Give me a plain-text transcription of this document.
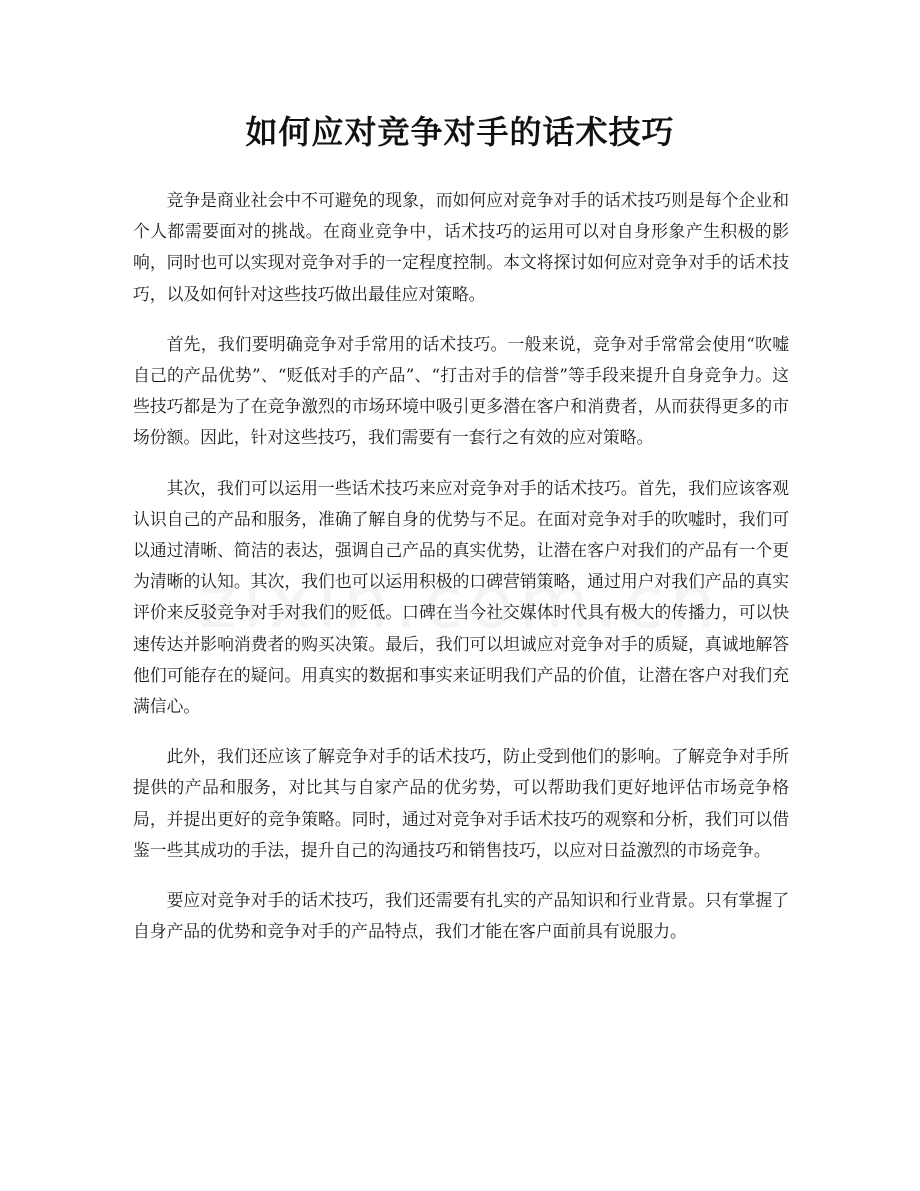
如何应对竞争对手的话术技巧

竞争是商业社会中不可避免的现象，而如何应对竞争对手的话术技巧则是每个企业和个人都需要面对的挑战。在商业竞争中，话术技巧的运用可以对自身形象产生积极的影响，同时也可以实现对竞争对手的一定程度控制。本文将探讨如何应对竞争对手的话术技巧，以及如何针对这些技巧做出最佳应对策略。

首先，我们要明确竞争对手常用的话术技巧。一般来说，竞争对手常常会使用“吹嘘自己的产品优势”、“贬低对手的产品”、“打击对手的信誉”等手段来提升自身竞争力。这些技巧都是为了在竞争激烈的市场环境中吸引更多潜在客户和消费者，从而获得更多的市场份额。因此，针对这些技巧，我们需要有一套行之有效的应对策略。

其次，我们可以运用一些话术技巧来应对竞争对手的话术技巧。首先，我们应该客观认识自己的产品和服务，准确了解自身的优势与不足。在面对竞争对手的吹嘘时，我们可以通过清晰、简洁的表达，强调自己产品的真实优势，让潜在客户对我们的产品有一个更为清晰的认知。其次，我们也可以运用积极的口碑营销策略，通过用户对我们产品的真实评价来反驳竞争对手对我们的贬低。口碑在当今社交媒体时代具有极大的传播力，可以快速传达并影响消费者的购买决策。最后，我们可以坦诚应对竞争对手的质疑，真诚地解答他们可能存在的疑问。用真实的数据和事实来证明我们产品的价值，让潜在客户对我们充满信心。

此外，我们还应该了解竞争对手的话术技巧，防止受到他们的影响。了解竞争对手所提供的产品和服务，对比其与自家产品的优劣势，可以帮助我们更好地评估市场竞争格局，并提出更好的竞争策略。同时，通过对竞争对手话术技巧的观察和分析，我们可以借鉴一些其成功的手法，提升自己的沟通技巧和销售技巧，以应对日益激烈的市场竞争。

要应对竞争对手的话术技巧，我们还需要有扎实的产品知识和行业背景。只有掌握了自身产品的优势和竞争对手的产品特点，我们才能在客户面前具有说服力。
